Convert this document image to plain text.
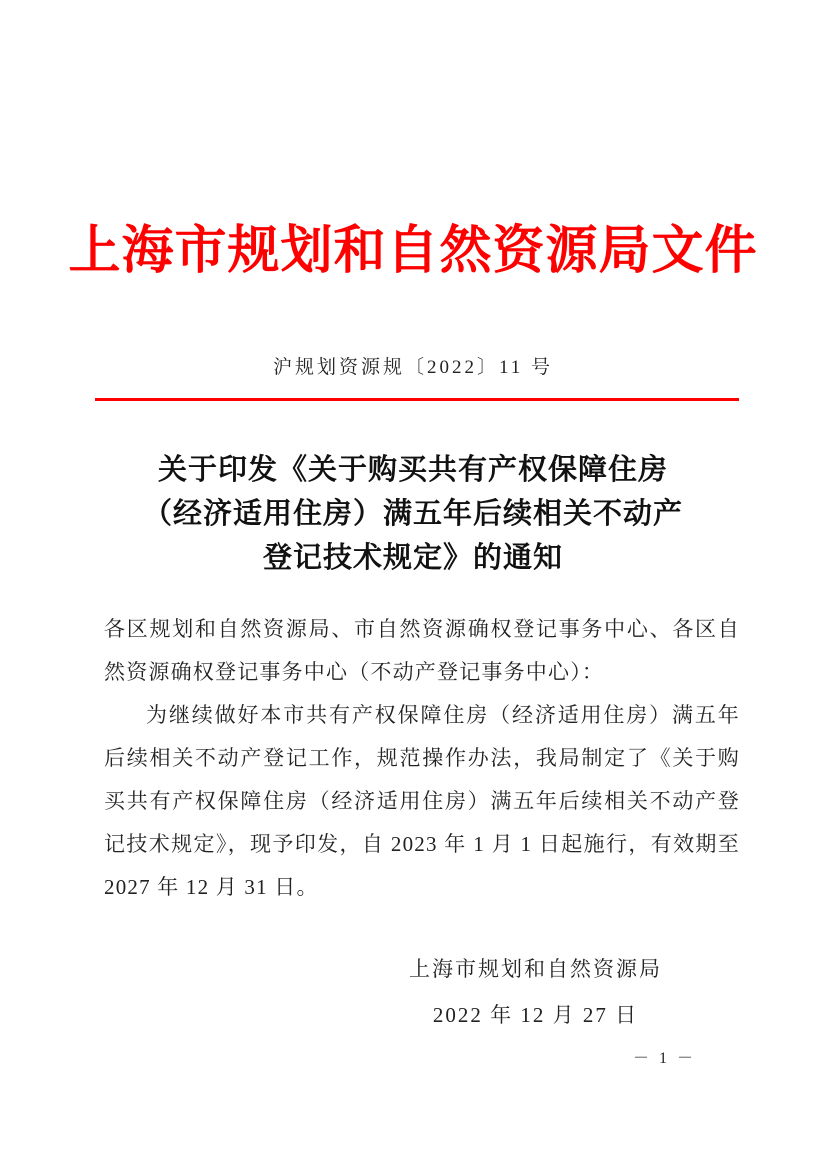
上海市规划和自然资源局文件
沪规划资源规〔2022〕11 号
关于印发《关于购买共有产权保障住房
（经济适用住房）满五年后续相关不动产
登记技术规定》的通知

各区规划和自然资源局、市自然资源确权登记事务中心、各区自然资源确权登记事务中心（不动产登记事务中心）：

为继续做好本市共有产权保障住房（经济适用住房）满五年后续相关不动产登记工作，规范操作办法，我局制定了《关于购买共有产权保障住房（经济适用住房）满五年后续相关不动产登记技术规定》，现予印发，自 2023 年 1 月 1 日起施行，有效期至 2027 年 12 月 31 日。

上海市规划和自然资源局
2022 年 12 月 27 日
－ 1 －
